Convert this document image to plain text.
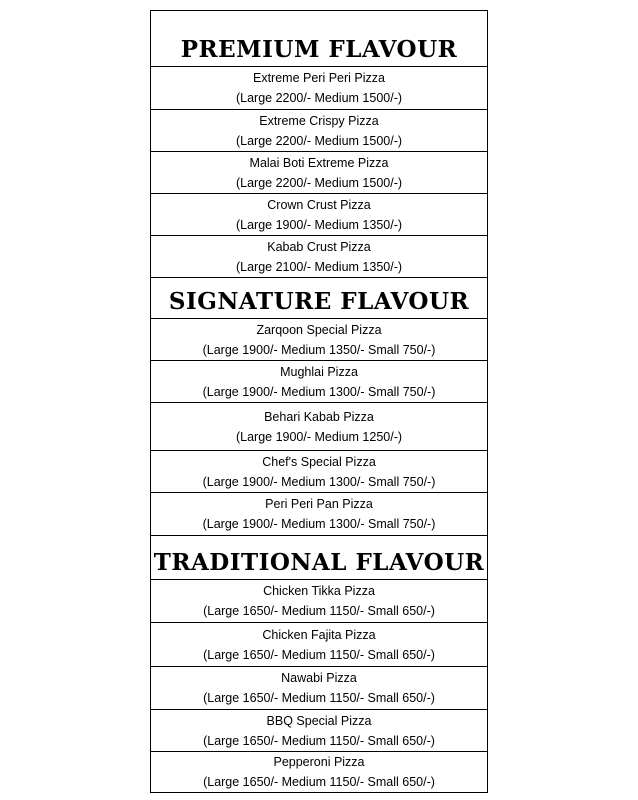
PREMIUM FLAVOUR
Extreme Peri Peri Pizza
(Large 2200/- Medium 1500/-)
Extreme Crispy Pizza
(Large 2200/- Medium 1500/-)
Malai Boti Extreme Pizza
(Large 2200/- Medium 1500/-)
Crown Crust Pizza
(Large 1900/- Medium 1350/-)
Kabab Crust Pizza
(Large 2100/- Medium 1350/-)
SIGNATURE FLAVOUR
Zarqoon Special Pizza
(Large 1900/- Medium 1350/- Small 750/-)
Mughlai Pizza
(Large 1900/- Medium 1300/- Small 750/-)
Behari Kabab Pizza
(Large 1900/- Medium 1250/-)
Chef's Special Pizza
(Large 1900/- Medium 1300/- Small 750/-)
Peri Peri Pan Pizza
(Large 1900/- Medium 1300/- Small 750/-)
TRADITIONAL FLAVOUR
Chicken Tikka Pizza
(Large 1650/- Medium 1150/- Small 650/-)
Chicken Fajita Pizza
(Large 1650/- Medium 1150/- Small 650/-)
Nawabi Pizza
(Large 1650/- Medium 1150/- Small 650/-)
BBQ Special Pizza
(Large 1650/- Medium 1150/- Small 650/-)
Pepperoni Pizza
(Large 1650/- Medium 1150/- Small 650/-)
